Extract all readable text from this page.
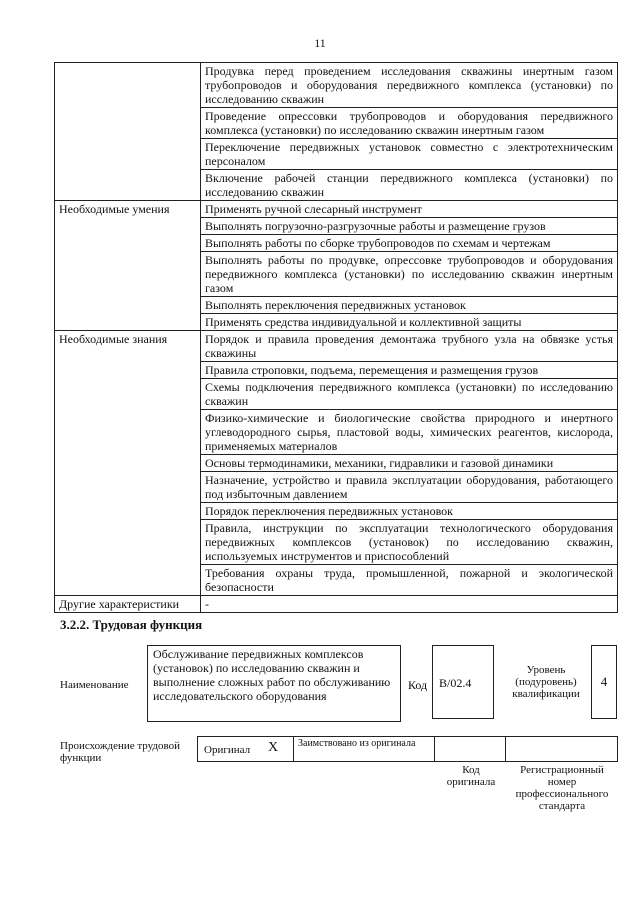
11
	Продувка перед проведением исследования скважины инертным газом трубопроводов и оборудования передвижного комплекса (установки) по исследованию скважин
	Проведение опрессовки трубопроводов и оборудования передвижного комплекса (установки) по исследованию скважин инертным газом
	Переключение передвижных установок совместно с электротехническим персоналом
	Включение рабочей станции передвижного комплекса (установки) по исследованию скважин
Необходимые умения	Применять ручной слесарный инструмент
	Выполнять погрузочно-разгрузочные работы и размещение грузов
	Выполнять работы по сборке трубопроводов по схемам и чертежам
	Выполнять работы по продувке, опрессовке трубопроводов и оборудования передвижного комплекса (установки) по исследованию скважин инертным газом
	Выполнять переключения передвижных установок
	Применять средства индивидуальной и коллективной защиты
Необходимые знания	Порядок и правила проведения демонтажа трубного узла на обвязке устья скважины
	Правила строповки, подъема, перемещения и размещения грузов
	Схемы подключения передвижного комплекса (установки) по исследованию скважин
	Физико-химические и биологические свойства природного и инертного углеводородного сырья, пластовой воды, химических реагентов, кислорода, применяемых материалов
	Основы термодинамики, механики, гидравлики и газовой динамики
	Назначение, устройство и правила эксплуатации оборудования, работающего под избыточным давлением
	Порядок переключения передвижных установок
	Правила, инструкции по эксплуатации технологического оборудования передвижных комплексов (установок) по исследованию скважин, используемых инструментов и приспособлений
	Требования охраны труда, промышленной, пожарной и экологической безопасности
Другие характеристики	-
3.2.2. Трудовая функция
Наименование
Обслуживание передвижных комплексов (установок) по исследованию скважин и выполнение сложных работ по обслуживанию исследовательского оборудования
Код B/02.4
Уровень (подуровень) квалификации
4
Происхождение трудовой функции
Оригинал X Заимствовано из оригинала
Код оригинала
Регистрационный номер профессионального стандарта
